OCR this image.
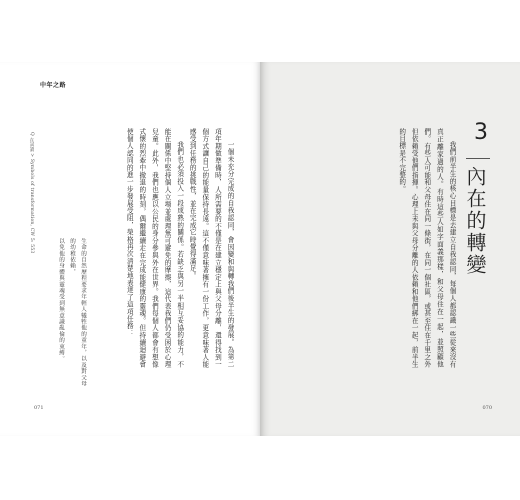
中年之路
Q 在試讀 > Symbols of transformation, CW 5: 553	一個未充分完成的自我認同，會因變和與轉我們後半生的發展。為第二項年期做準備時，人所需要的不僅是在建立穩定上與父母分離，還得找到一個方式讓自己的能量保持長遠。這不僅意味著擁有一份工作，更意味著人能感受到任務的挑戰性，並在完成它時覺得滿足。

我們也必須投入一段成熟的關係。若缺乏與另一半相互妥協的能力，不能在關係中堅持個人立場並處理無可避免的摩擦，這代表我們仍受困於心理兒童。此外，我們也應以公民的身分參與外在世界。我們每個人都會有想像式懷的烈牽中撤退的時刻，偶爾繼續走在完成能健康的靈魂。但持續迴避會使個人認同的進一步發展受阻，榮格再次清楚地表達了這項任務：

生命的自然歷程要求年輕人犧牲他的童年，以及對父母的幼稚依賴，

以免他的身體與靈魂受到無意識亂倫的束縛。

071
3
內在的轉變

我們前半生的核心目標是去建立自我認同，每個人都認識一些從來沒有真正離家過的人。有時這些人如字面義那樣，和父母住在一起，並照顧他們。有些人可能和父母住在同一條街，在同一個社區，或甚至住在千里之外但依賴受他們指揮。心理上未與父母分離的人依賴和他們綁在一起，前半生的目標是不完整的。

070
